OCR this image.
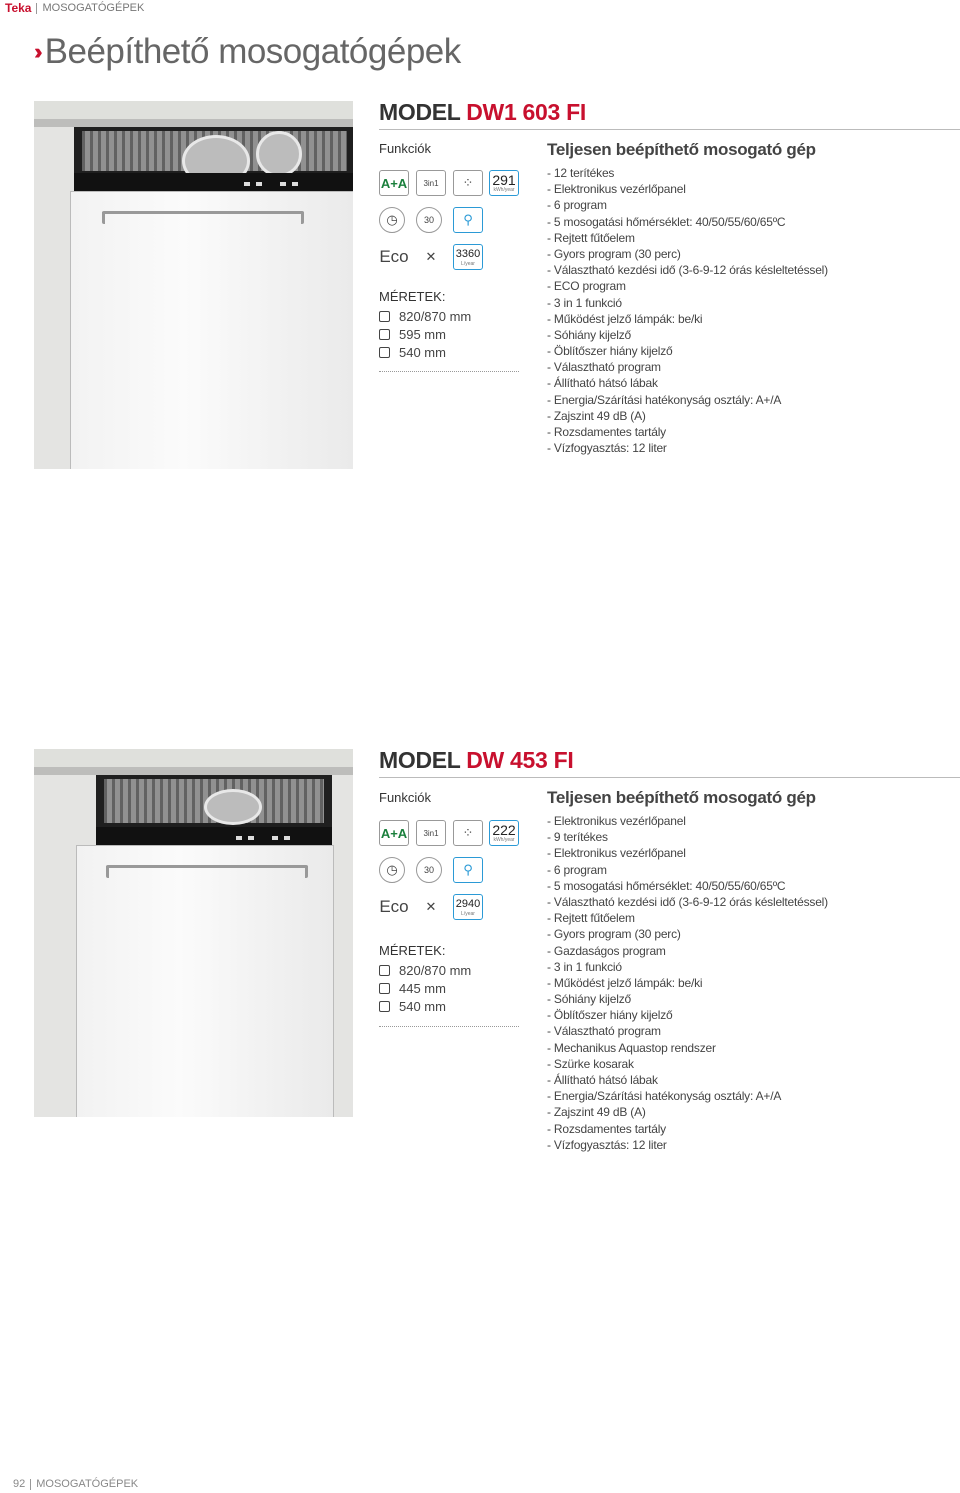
Teka MOSOGATÓGÉPEK
›› Beépíthető mosogatógépek
MODEL DW1 603 FI
Funkciók
A+A	3in1	⁘	291
kWh/year
◷	30	⚲
Eco	✕	3360
L/year
MÉRETEK:
820/870 mm
595 mm
540 mm
Teljesen beépíthető mosogató gép
- 12 terítékes
- Elektronikus vezérlőpanel
- 6 program
- 5 mosogatási hőmérséklet: 40/50/55/60/65ºC
- Rejtett fűtőelem
- Gyors program (30 perc)
- Választható kezdési idő (3-6-9-12 órás késleltetéssel)
- ECO program
- 3 in 1 funkció
- Működést jelző lámpák: be/ki
- Sóhiány kijelző
- Öblítőszer hiány kijelző
- Választható program
- Állítható hátsó lábak
- Energia/Szárítási hatékonyság osztály: A+/A
- Zajszint 49 dB (A)
- Rozsdamentes tartály
- Vízfogyasztás: 12 liter
MODEL DW 453 FI
Funkciók
A+A	3in1	⁘	222
kWh/year
◷	30	⚲
Eco	✕	2940
L/year
MÉRETEK:
820/870 mm
445 mm
540 mm
Teljesen beépíthető mosogató gép
- Elektronikus vezérlőpanel
- 9 terítékes
- Elektronikus vezérlőpanel
- 6 program
- 5 mosogatási hőmérséklet: 40/50/55/60/65ºC
- Választható kezdési idő (3-6-9-12 órás késleltetéssel)
- Rejtett fűtőelem
- Gyors program (30 perc)
- Gazdaságos program
- 3 in 1 funkció
- Működést jelző lámpák: be/ki
- Sóhiány kijelző
- Öblítőszer hiány kijelző
- Választható program
- Mechanikus Aquastop rendszer
- Szürke kosarak
- Állítható hátsó lábak
- Energia/Szárítási hatékonyság osztály: A+/A
- Zajszint 49 dB (A)
- Rozsdamentes tartály
- Vízfogyasztás: 12 liter
92 MOSOGATÓGÉPEK
